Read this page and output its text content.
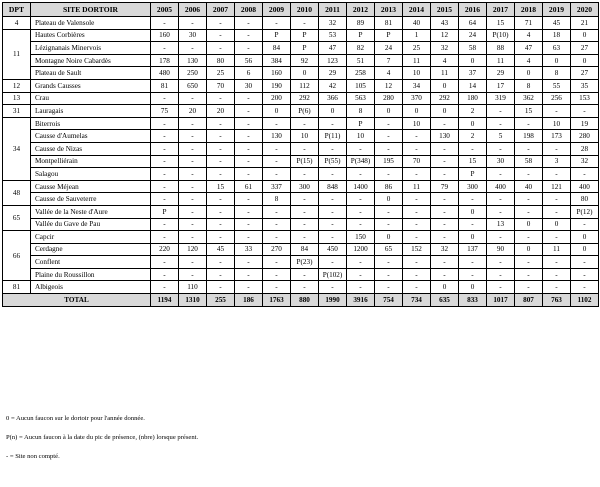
DPT	SITE DORTOIR	2005	2006	2007	2008	2009	2010	2011	2012	2013	2014	2015	2016	2017	2018	2019	2020
4	Plateau de Valensole	-	-	-	-	-	-	32	89	81	40	43	64	15	71	45	21
11	Hautes Corbières	160	30	-	-	P	P	53	P	P	1	12	24	P(10)	4	18	0
	Lézignanais Minervois	-	-	-	-	84	P	47	82	24	25	32	58	88	47	63	27
	Montagne Noire Cabardès	178	130	80	56	384	92	123	51	7	11	4	0	11	4	0	0
	Plateau de Sault	480	250	25	6	160	0	29	258	4	10	11	37	29	0	8	27
12	Grands Causses	81	650	70	30	190	112	42	105	12	34	0	14	17	8	55	35
13	Crau	-	-	-	-	200	292	366	563	280	370	292	180	319	362	256	153
31	Lauragais	75	20	20	-	0	P(6)	0	8	0	0	0	2	-	15	-	-
34	Biterrois	-	-	-	-	-	-	-	P	-	10	-	0	-	-	10	19
	Causse d'Aumelas	-	-	-	-	130	10	P(11)	10	-	-	130	2	5	198	173	280
	Causse de Nizas	-	-	-	-	-	-	-	-	-	-	-	-	-	-	-	28
	Montpelliérain	-	-	-	-	-	P(15)	P(55)	P(348)	195	70	-	15	30	58	3	32
	Salagou	-	-	-	-	-	-	-	-	-	-	-	P	-	-	-	-
48	Causse Méjean	-	-	15	61	337	300	848	1400	86	11	79	300	400	40	121	400
	Causse de Sauveterre	-	-	-	-	8	-	-	-	0	-	-	-	-	-	-	80
65	Vallée de la Neste d'Aure	P	-	-	-	-	-	-	-	-	-	-	0	-	-	-	P(12)
	Vallée du Gave de Pau	-	-	-	-	-	-	-	-	-	-	-	-	13	0	0	-
66	Capcir	-	-	-	-	-	-	-	150	0	-	-	0	-	-	-	0
	Cerdagne	220	120	45	33	270	84	450	1200	65	152	32	137	90	0	11	0
	Conflent	-	-	-	-	-	P(23)	-	-	-	-	-	-	-	-	-	-
	Plaine du Roussillon	-	-	-	-	-	-	P(102)	-	-	-	-	-	-	-	-	-
81	Albigeois	-	110	-	-	-	-	-	-	-	-	0	0	-	-	-	-
TOTAL		1194	1310	255	186	1763	880	1990	3916	754	734	635	833	1017	807	763	1102

0 = Aucun faucon sur le dortoir pour l'année donnée.

P(n) = Aucun faucon à la date du pic de présence, (nbre) lorsque présent.

- = Site non compté.
